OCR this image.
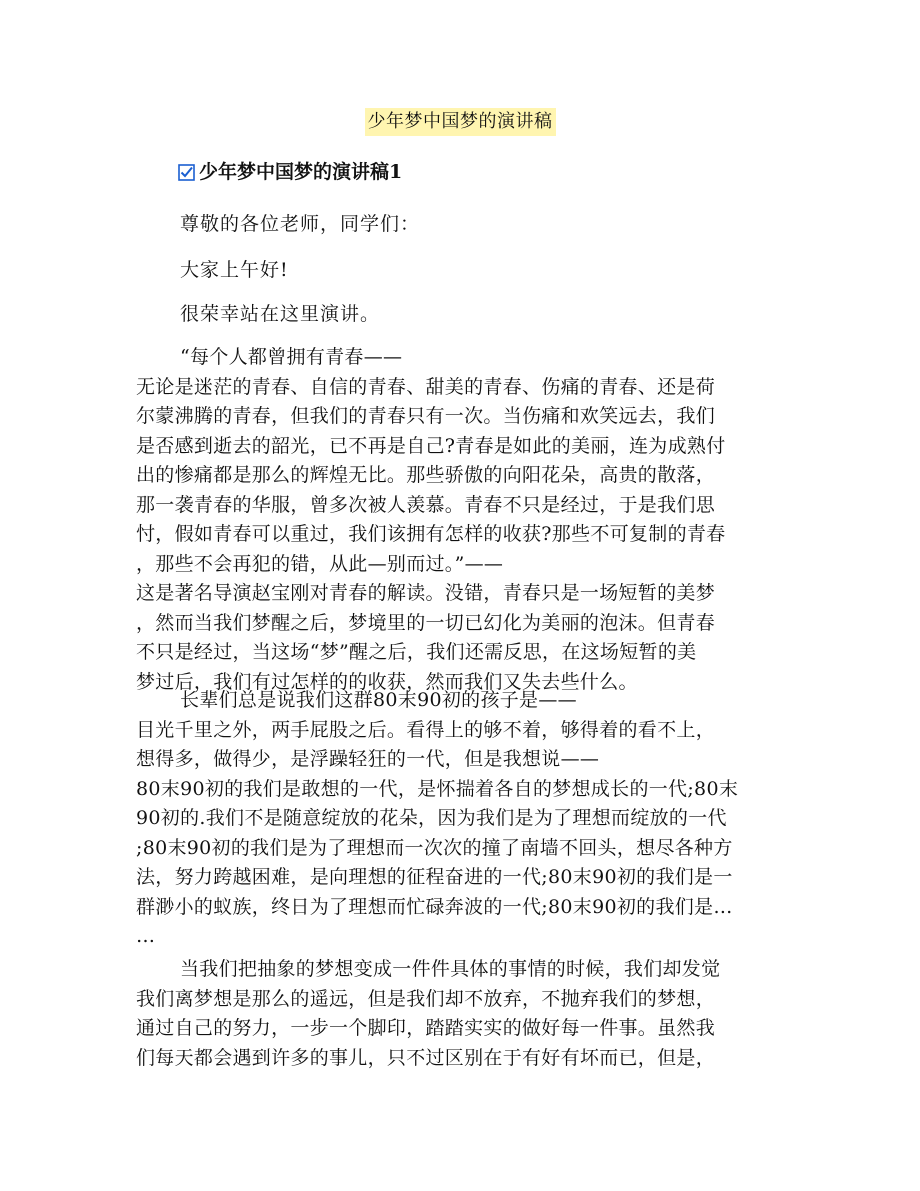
少年梦中国梦的演讲稿
少年梦中国梦的演讲稿1
尊敬的各位老师，同学们：
大家上午好!
很荣幸站在这里演讲。
“每个人都曾拥有青春——
无论是迷茫的青春、自信的青春、甜美的青春、伤痛的青春、还是荷
尔蒙沸腾的青春，但我们的青春只有一次。当伤痛和欢笑远去，我们
是否感到逝去的韶光，已不再是自己?青春是如此的美丽，连为成熟付
出的惨痛都是那么的辉煌无比。那些骄傲的向阳花朵，高贵的散落，
那一袭青春的华服，曾多次被人羡慕。青春不只是经过，于是我们思
忖，假如青春可以重过，我们该拥有怎样的收获?那些不可复制的青春
，那些不会再犯的错，从此—别而过。”——
这是著名导演赵宝刚对青春的解读。没错，青春只是一场短暂的美梦
，然而当我们梦醒之后，梦境里的一切已幻化为美丽的泡沫。但青春
不只是经过，当这场“梦”醒之后，我们还需反思，在这场短暂的美
梦过后，我们有过怎样的的收获，然而我们又失去些什么。
长辈们总是说我们这群80末90初的孩子是——
目光千里之外，两手屁股之后。看得上的够不着，够得着的看不上，
想得多，做得少，是浮躁轻狂的一代，但是我想说——
80末90初的我们是敢想的一代，是怀揣着各自的梦想成长的一代;80末
90初的.我们不是随意绽放的花朵，因为我们是为了理想而绽放的一代
;80末90初的我们是为了理想而一次次的撞了南墙不回头，想尽各种方
法，努力跨越困难，是向理想的征程奋进的一代;80末90初的我们是一
群渺小的蚁族，终日为了理想而忙碌奔波的一代;80末90初的我们是…
…
当我们把抽象的梦想变成一件件具体的事情的时候，我们却发觉
我们离梦想是那么的遥远，但是我们却不放弃，不抛弃我们的梦想，
通过自己的努力，一步一个脚印，踏踏实实的做好每一件事。虽然我
们每天都会遇到许多的事儿，只不过区别在于有好有坏而已，但是，
